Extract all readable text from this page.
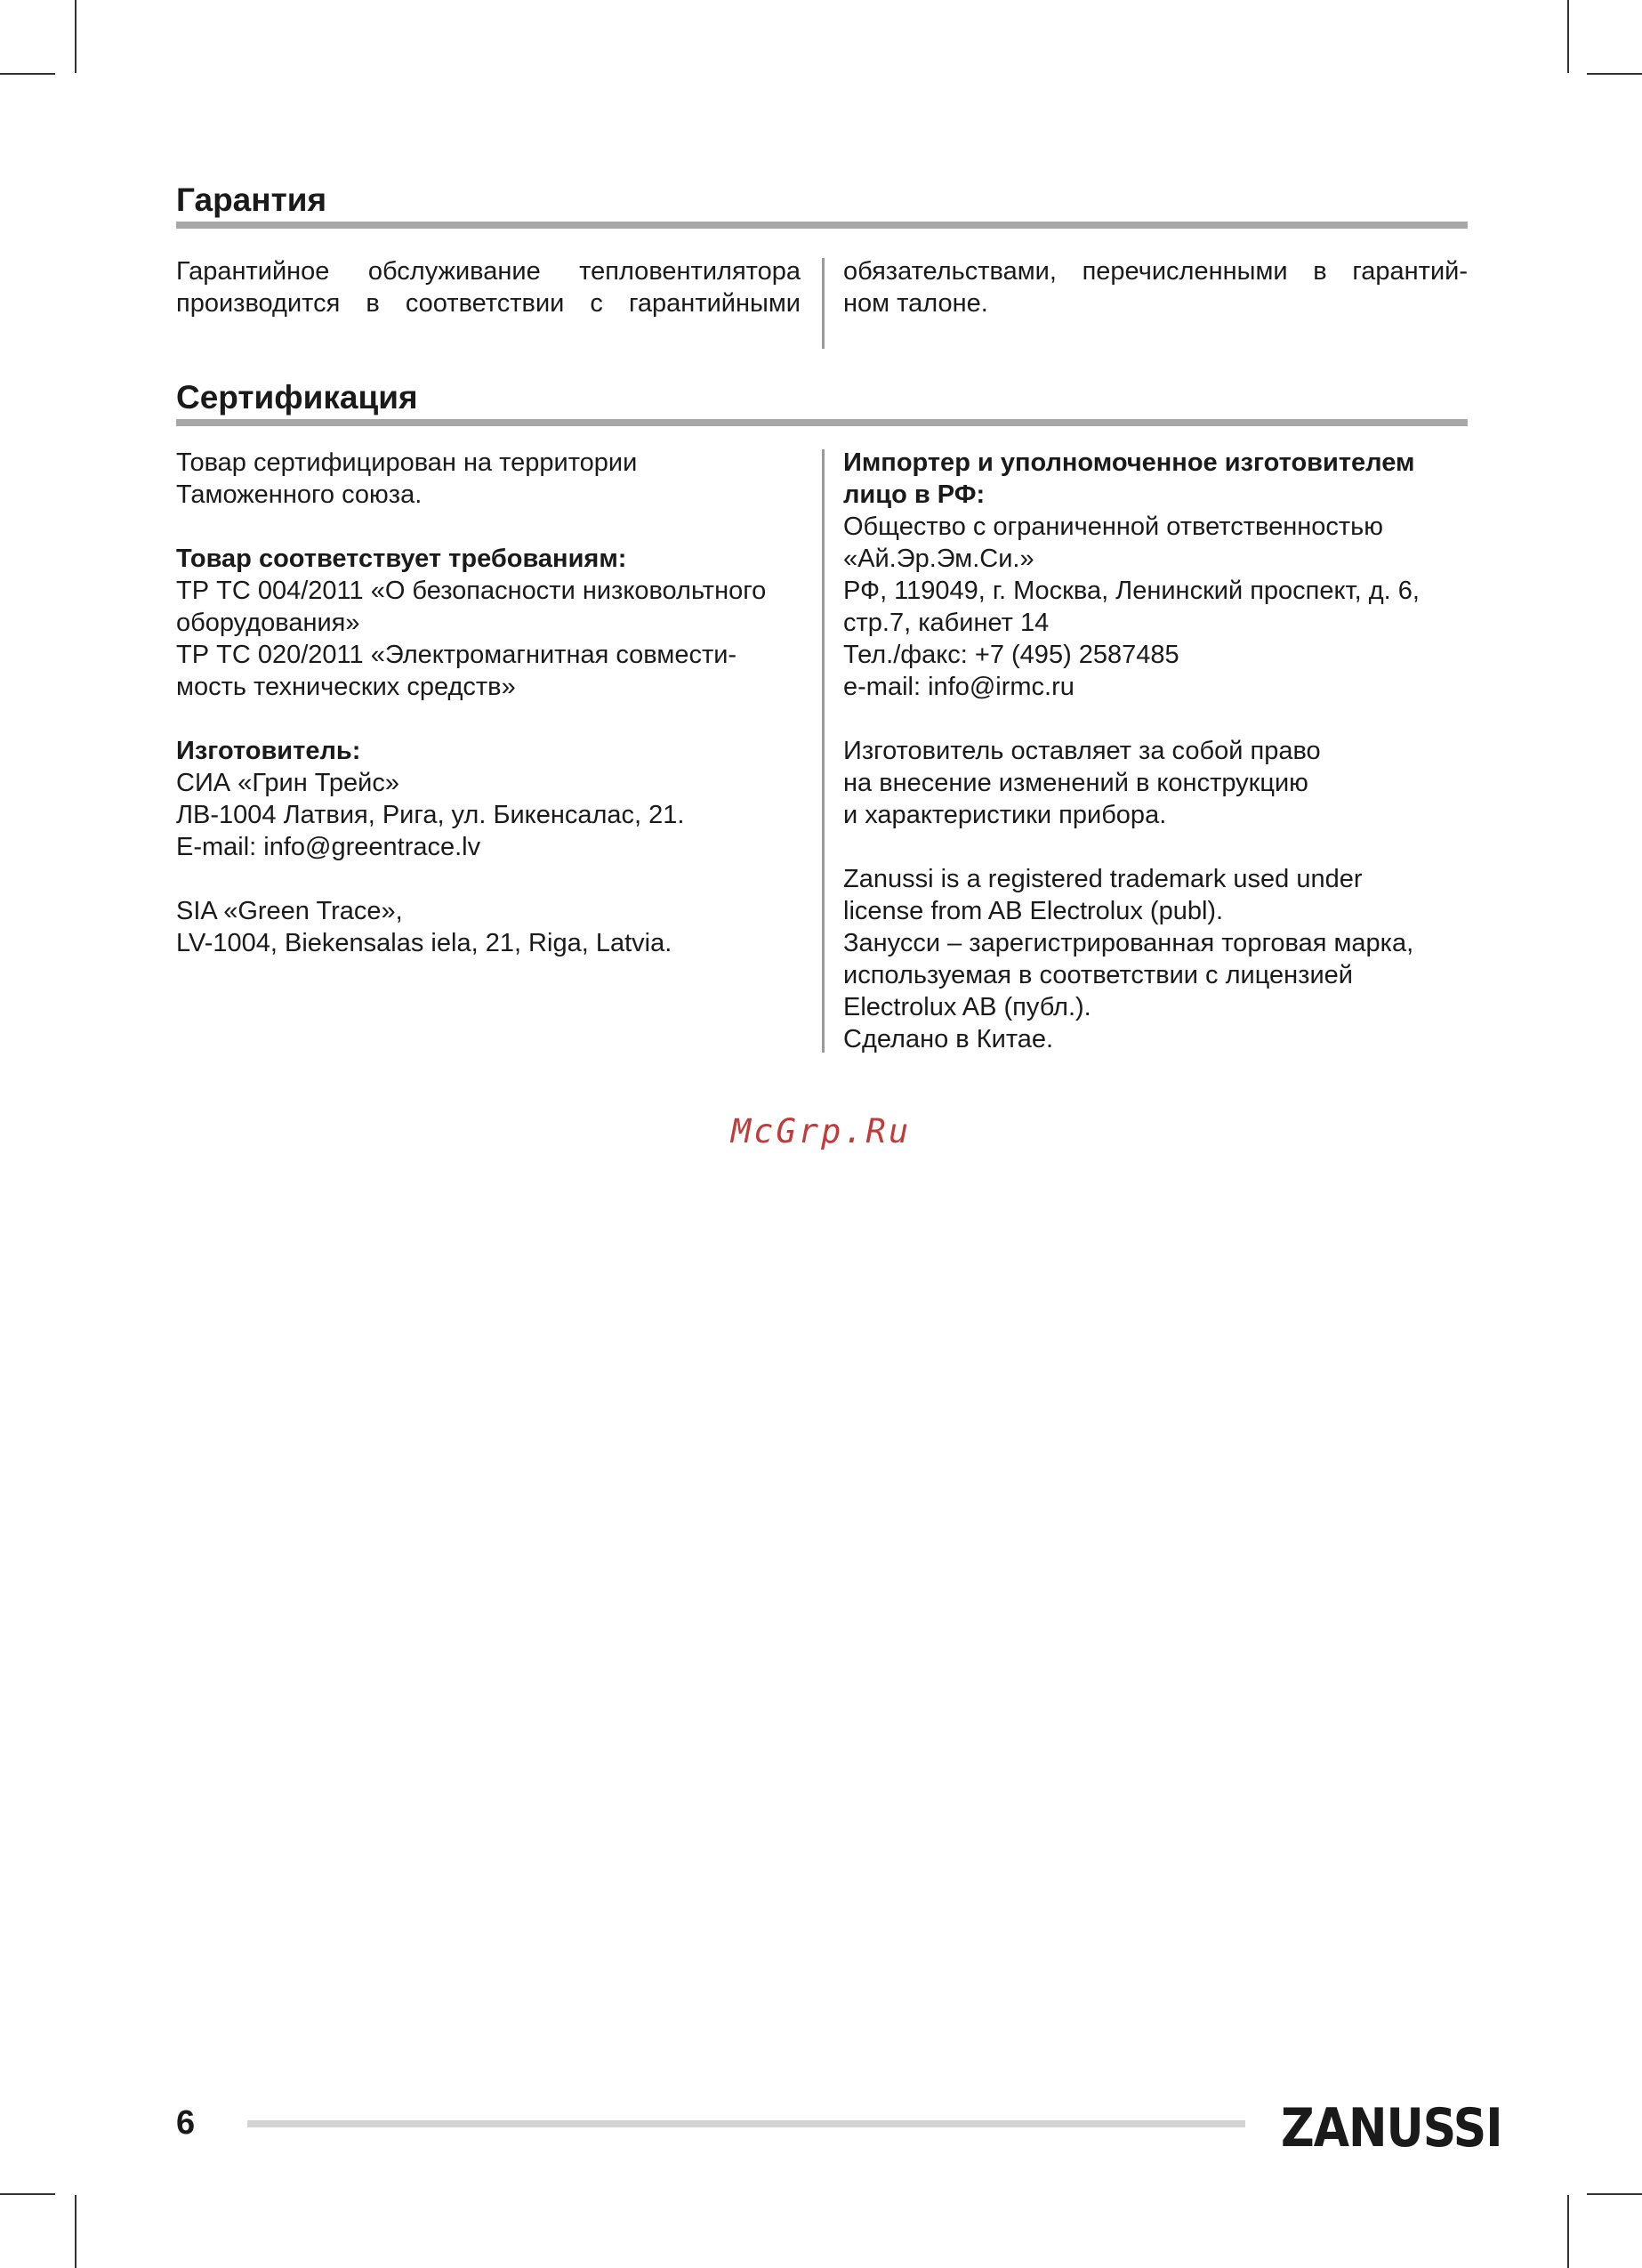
Гарантия
Гарантийное обслуживание тепловентилятора
производится в соответствии с гарантийными
обязательствами, перечисленными в гарантий-
ном талоне.
Сертификация
Товар сертифицирован на территории
Таможенного союза.
Товар соответствует требованиям:
ТР ТС 004/2011 «О безопасности низковольтного
оборудования»
ТР ТС 020/2011 «Электромагнитная совмести-
мость технических средств»
Изготовитель:
СИА «Грин Трейс»
ЛВ-1004 Латвия, Рига, ул. Бикенсалас, 21.
E-mail: info@greentrace.lv
SIA «Green Trace»,
LV-1004, Biekensalas iela, 21, Riga, Latvia.
Импортер и уполномоченное изготовителем
лицо в РФ:
Общество с ограниченной ответственностью
«Ай.Эр.Эм.Си.»
РФ, 119049, г. Москва, Ленинский проспект, д. 6,
стр.7, кабинет 14
Тел./факс: +7 (495) 2587485
e-mail: info@irmc.ru
Изготовитель оставляет за собой право
на внесение изменений в конструкцию
и характеристики прибора.
Zanussi is a registered trademark used under
license from AB Electrolux (publ).
Занусси – зарегистрированная торговая марка,
используемая в соответствии с лицензией
Electrolux AB (публ.).
Сделано в Китае.
McGrp.Ru
6	ZANUSSI
